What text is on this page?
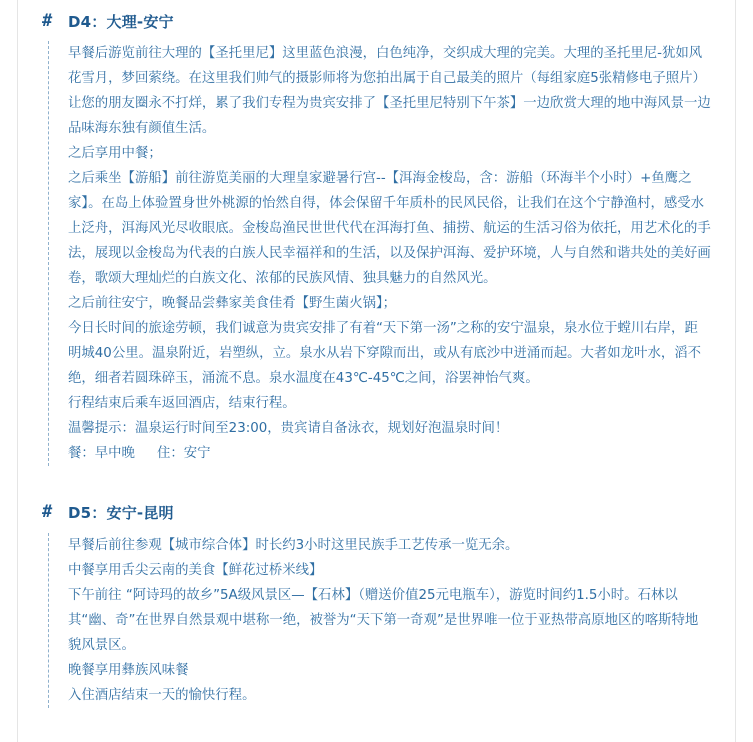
# D4：大理-安宁

早餐后游览前往大理的【圣托里尼】这里蓝色浪漫，白色纯净，交织成大理的完美。大理的圣托里尼-犹如风花雪月，梦回萦绕。在这里我们帅气的摄影师将为您拍出属于自己最美的照片（每组家庭5张精修电子照片）让您的朋友圈永不打烊，累了我们专程为贵宾安排了【圣托里尼特别下午茶】一边欣赏大理的地中海风景一边品味海东独有颜值生活。

之后享用中餐；

之后乘坐【游船】前往游览美丽的大理皇家避暑行宫--【洱海金梭岛，含：游船（环海半个小时）+鱼鹰之家】。在岛上体验置身世外桃源的怡然自得，体会保留千年质朴的民风民俗，让我们在这个宁静渔村，感受水上泛舟，洱海风光尽收眼底。金梭岛渔民世世代代在洱海打鱼、捕捞、航运的生活习俗为依托，用艺术化的手法，展现以金梭岛为代表的白族人民幸福祥和的生活，以及保护洱海、爱护环境，人与自然和谐共处的美好画卷，歌颂大理灿烂的白族文化、浓郁的民族风情、独具魅力的自然风光。

之后前往安宁，晚餐品尝彝家美食佳肴【野生菌火锅】；

今日长时间的旅途劳顿，我们诚意为贵宾安排了有着“天下第一汤”之称的安宁温泉，泉水位于螳川右岸，距明城40公里。温泉附近，岩塑纵，立。泉水从岩下穿隙而出，或从有底沙中迸涌而起。大者如龙叶水，滔不绝，细者若圆珠碎玉，涌流不息。泉水温度在43℃-45℃之间，浴罢神怡气爽。

行程结束后乘车返回酒店，结束行程。

温馨提示：温泉运行时间至23:00，贵宾请自备泳衣，规划好泡温泉时间！

餐：早中晚 住：安宁
# D5：安宁-昆明

早餐后前往参观【城市综合体】时长约3小时这里民族手工艺传承一览无余。

中餐享用舌尖云南的美食【鲜花过桥米线】

下午前往 “阿诗玛的故乡”5A级风景区—【石林】（赠送价值25元电瓶车），游览时间约1.5小时。石林以其“幽、奇”在世界自然景观中堪称一绝，被誉为“天下第一奇观”是世界唯一位于亚热带高原地区的喀斯特地貌风景区。

晚餐享用彝族风味餐

入住酒店结束一天的愉快行程。
